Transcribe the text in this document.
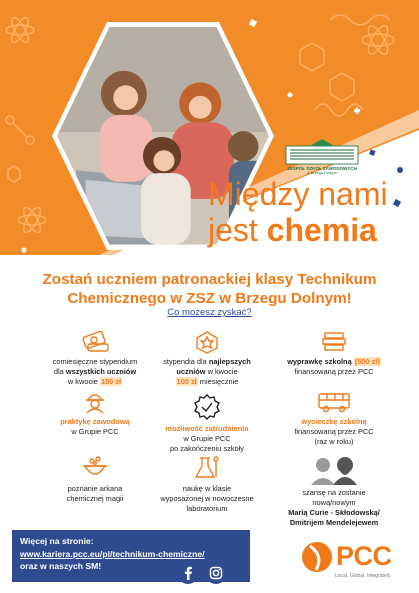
ZESPÓŁ SZKÓŁ ZAWODOWYCH
w Brzegu Dolnym
Między nami
jest chemia
Zostań uczniem patronackiej klasy Technikum
Chemicznego w ZSZ w Brzegu Dolnym!
Co możesz zyskać?
comiesięczne stypendium
dla wszystkich uczniów
w kwocie 100 zł
stypendia dla najlepszych
uczniów w kwocie
100 zł miesięcznie
wyprawkę szkolną (500 zł)
finansowaną przez PCC
praktykę zawodową
w Grupie PCC	możliwość zatrudnienia
w Grupie PCC
po zakończeniu szkoły
wycieczkę szkolną
finansowaną przez PCC
(raz w roku)
poznanie arkana
chemicznej magii
naukę w klasie
wyposażonej w nowoczesne
laboratorium
szansę na zostanie
nową/nowym
Marią Curie - Skłodowską/
Dmitrijem Mendelejewem
Więcej na stronie:
www.kariera.pcc.eu/pl/technikum-chemiczne/
oraz w naszych SM!	PCC
Local. Global. Integrated.
